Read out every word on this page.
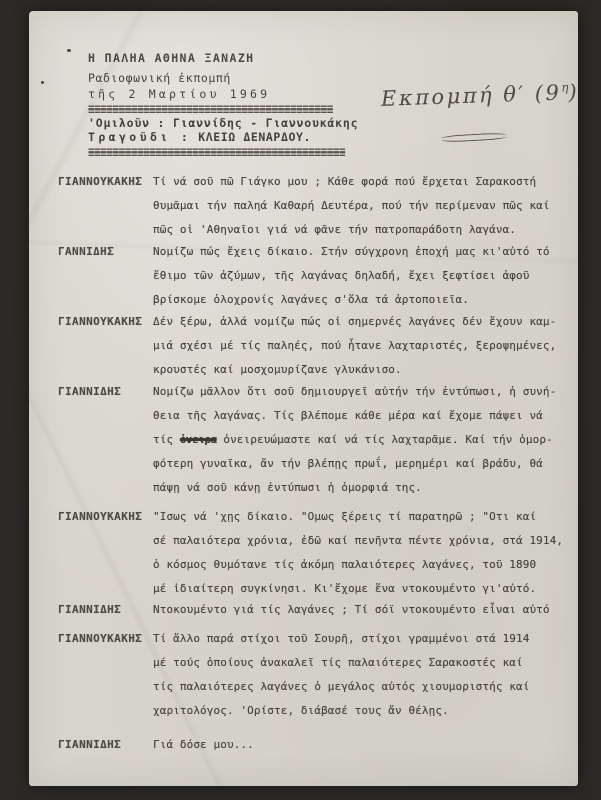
Η ΠΑΛΗΑ ΑΘΗΝΑ ΞΑΝΑΖΗ
Ραδιοφωνική ἐκπομπή
τῆς 2 Μαρτίου 1969
========================================
'Ομιλοῦν : Γιαννίδης - Γιαννουκάκης
Τραγοῦδι : ΚΛΕΙΩ ΔΕΝΑΡΔΟΥ.
==========================================
Εκπομπή θ′ $(9^\eta)$
ΓΙΑΝΝΟΥΚΑΚΗΣ Τί νά σοῦ πῶ Γιάγκο μου ; Κάθε φορά πού ἔρχεται Σαρακοστή
θυμᾶμαι τήν παληά Καθαρή Δευτέρα, πού τήν περίμεναν πῶς καί
πῶς οἱ 'Αθηναῖοι γιά νά φᾶνε τήν πατροπαράδοτη λαγάνα.
ΓΑΝΝΙΔΗΣ	Νομίζω πώς ἔχεις δίκαιο. Στήν σύγχρονη ἐποχή μας κι'αὐτό τό
ἔθιμο τῶν ἀζύμων, τῆς λαγάνας δηλαδή, ἔχει ξεφτίσει ἀφοῦ
βρίσκομε ὁλοχρονίς λαγάνες σ'ὅλα τά ἀρτοποιεῖα.
ΓΙΑΝΝΟΥΚΑΚΗΣ Δέν ξέρω, ἀλλά νομίζω πώς οἱ σημερνές λαγάνες δέν ἔχουν καμ-
μιά σχέσι μέ τίς παληές, πού ἦτανε λαχταριστές, ξεροψημένες,
κρουστές καί μοσχομυρίζανε γλυκάνισο.
ΓΙΑΝΝΙΔΗΣ	Νομίζω μᾶλλον ὅτι σοῦ δημιουργεῖ αὐτήν τήν ἐντύπωσι, ἡ συνή-
θεια τῆς λαγάνας. Τίς βλέπομε κάθε μέρα καί ἔχομε πάψει νά
τίς ὀνειρα ὀνειρευώμαστε καί νά τίς λαχταρᾶμε. Καί τήν ὀμορ-
φότερη γυναῖκα, ἄν τήν βλέπῃς πρωΐ, μερημέρι καί βράδυ, θά
πάψῃ νά σοῦ κάνῃ ἐντύπωσι ἡ ὀμορφιά της.
ΓΙΑΝΝΟΥΚΑΚΗΣ "Ισως νά 'χῃς δίκαιο. "Ομως ξέρεις τί παρατηρῶ ; "Οτι καί
σέ παλαιότερα χρόνια, ἐδῶ καί πενῆντα πέντε χρόνια, στά 1914,
ὁ κόσμος θυμότανε τίς ἀκόμη παλαιότερες λαγάνες, τοῦ 1890
μέ ἰδιαίτερη συγκίνησι. Κι'ἔχομε ἕνα ντοκουμέντο γι'αὐτό.
ΓΙΑΝΝΙΔΗΣ	Ντοκουμέντο γιά τίς λαγάνες ; Τί σόϊ ντοκουμέντο εἶναι αὐτό
ΓΙΑΝΝΟΥΚΑΚΗΣ Τί ἄλλο παρά στίχοι τοῦ Σουρῆ, στίχοι γραμμένοι στά 1914
μέ τούς ὁποίους ἀνακαλεῖ τίς παλαιότερες Σαρακοστές καί
τίς παλαιότερες λαγάνες ὁ μεγάλος αὐτός χιουμοριστής καί
χαριτολόγος. 'Ορίστε, διάβασέ τους ἄν θέλῃς.
ΓΙΑΝΝΙΔΗΣ	Γιά δόσε μου...
